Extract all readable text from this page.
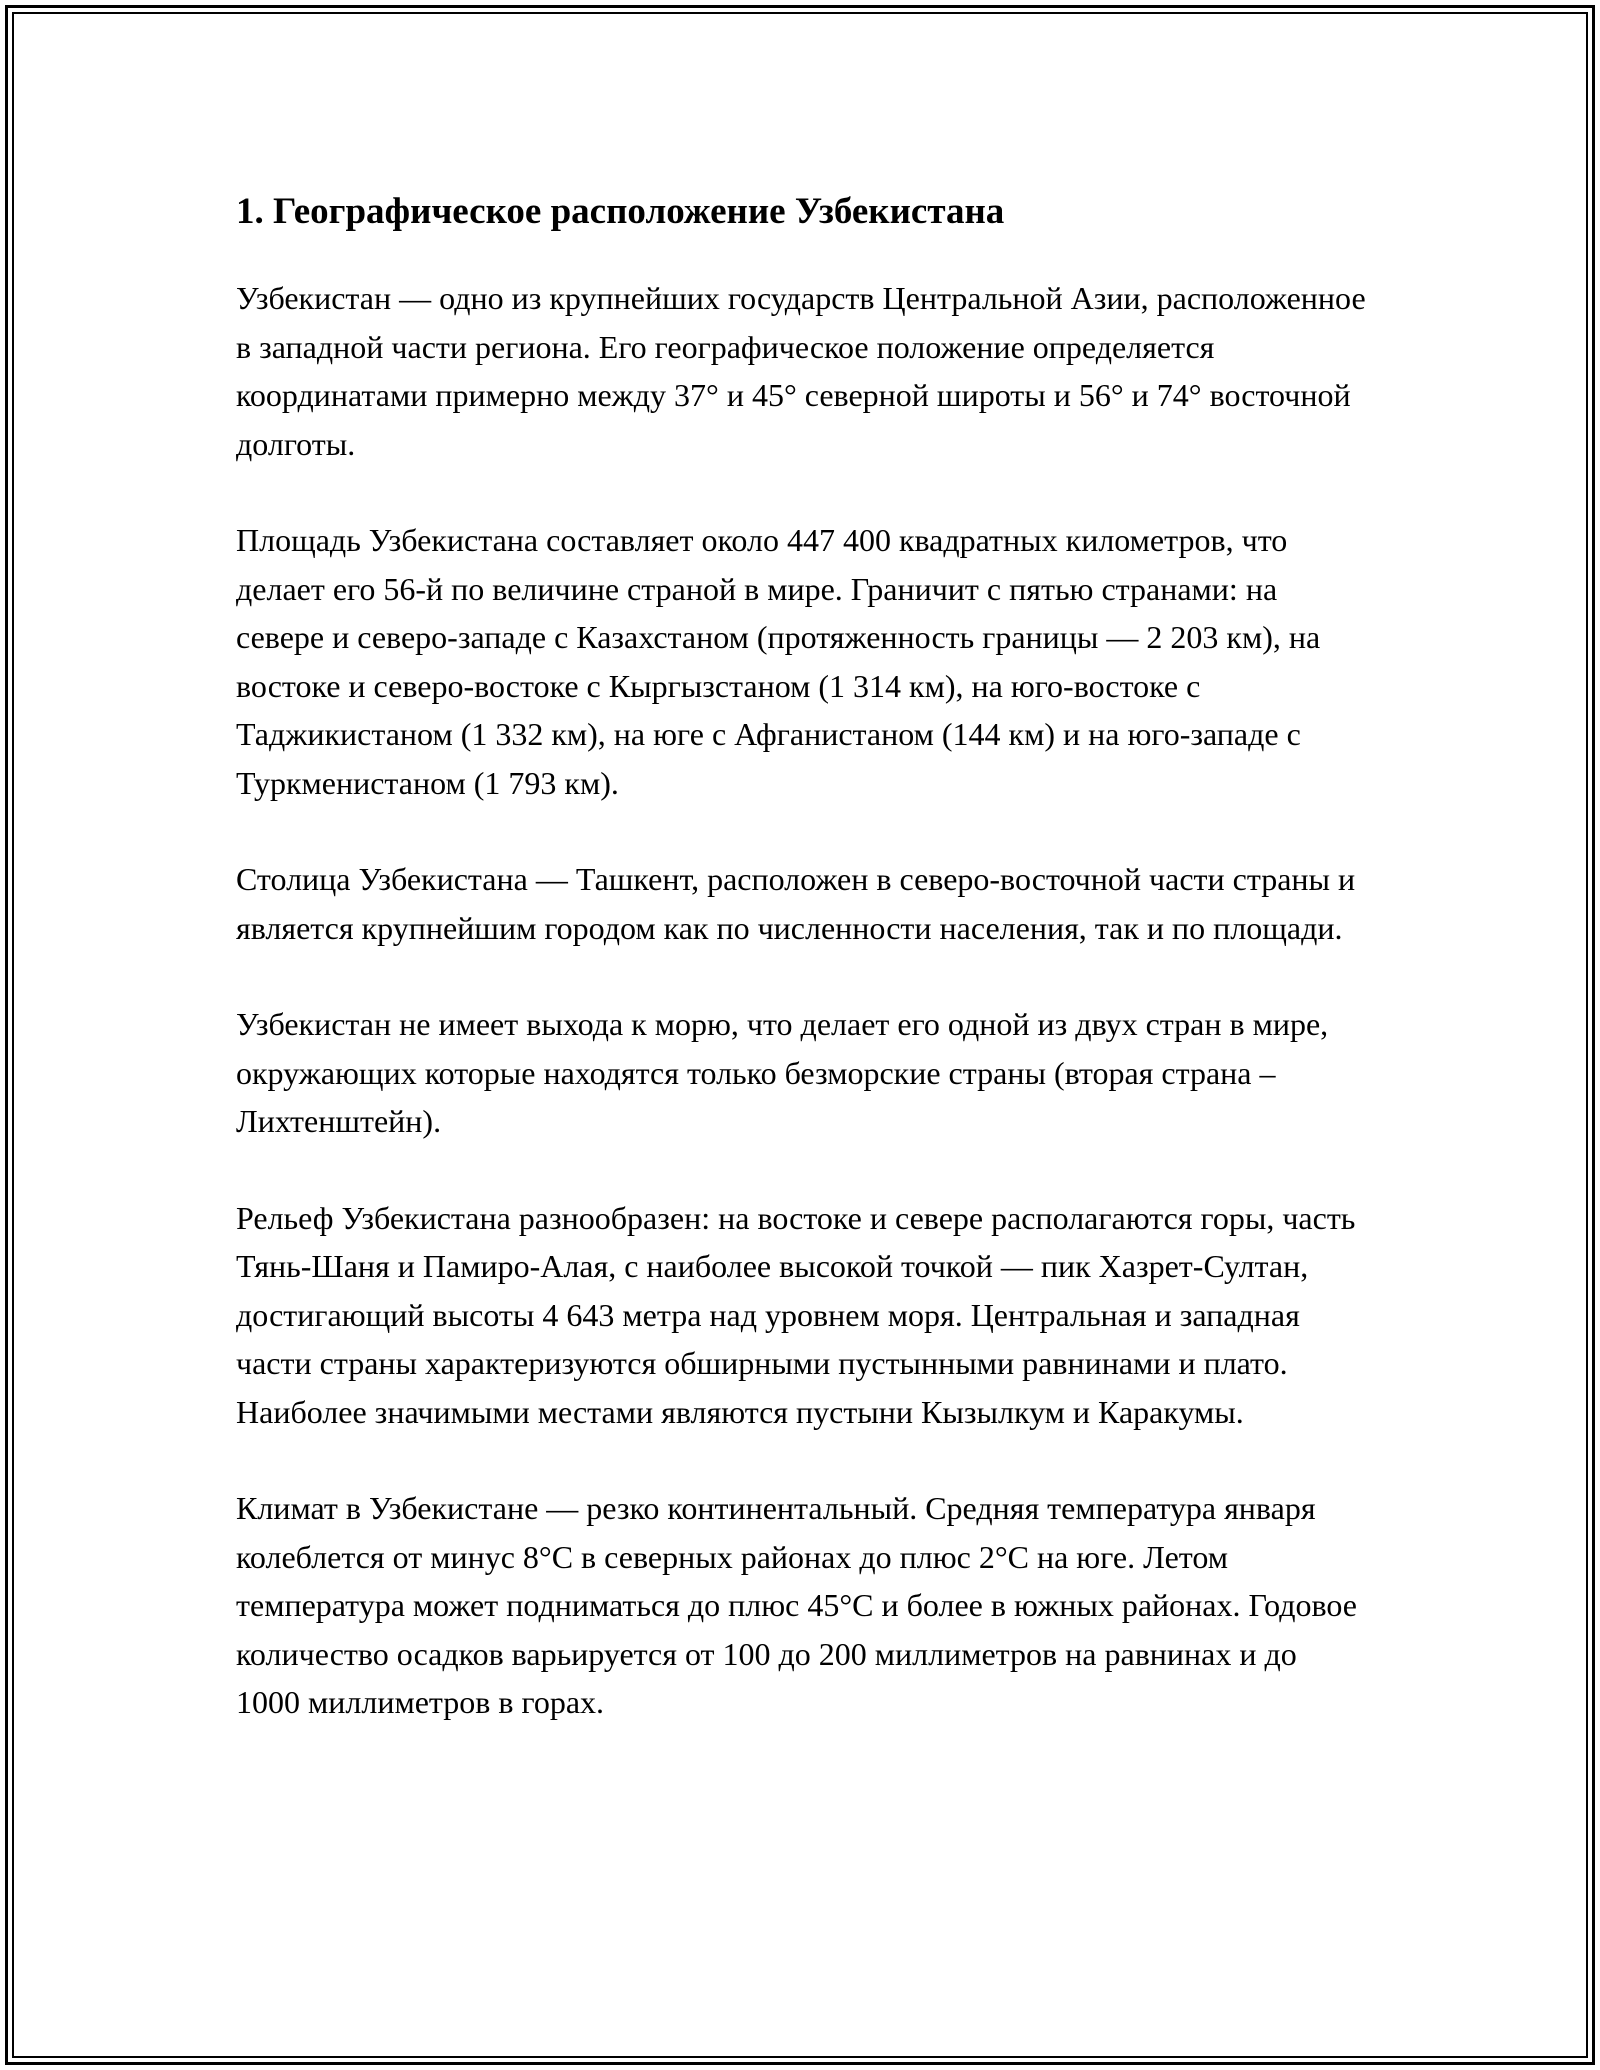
1. Географическое расположение Узбекистана

Узбекистан — одно из крупнейших государств Центральной Азии, расположенное в западной части региона. Его географическое положение определяется координатами примерно между 37° и 45° северной широты и 56° и 74° восточной долготы.

Площадь Узбекистана составляет около 447 400 квадратных километров, что делает его 56-й по величине страной в мире. Граничит с пятью странами: на севере и северо-западе с Казахстаном (протяженность границы — 2 203 км), на востоке и северо-востоке с Кыргызстаном (1 314 км), на юго-востоке с Таджикистаном (1 332 км), на юге с Афганистаном (144 км) и на юго-западе с Туркменистаном (1 793 км).

Столица Узбекистана — Ташкент, расположен в северо-восточной части страны и является крупнейшим городом как по численности населения, так и по площади.

Узбекистан не имеет выхода к морю, что делает его одной из двух стран в мире, окружающих которые находятся только безморские страны (вторая страна – Лихтенштейн).

Рельеф Узбекистана разнообразен: на востоке и севере располагаются горы, часть Тянь-Шаня и Памиро-Алая, с наиболее высокой точкой — пик Хазрет-Султан, достигающий высоты 4 643 метра над уровнем моря. Центральная и западная части страны характеризуются обширными пустынными равнинами и плато. Наиболее значимыми местами являются пустыни Кызылкум и Каракумы.

Климат в Узбекистане — резко континентальный. Средняя температура января колеблется от минус 8°C в северных районах до плюс 2°C на юге. Летом температура может подниматься до плюс 45°C и более в южных районах. Годовое количество осадков варьируется от 100 до 200 миллиметров на равнинах и до 1000 миллиметров в горах.
